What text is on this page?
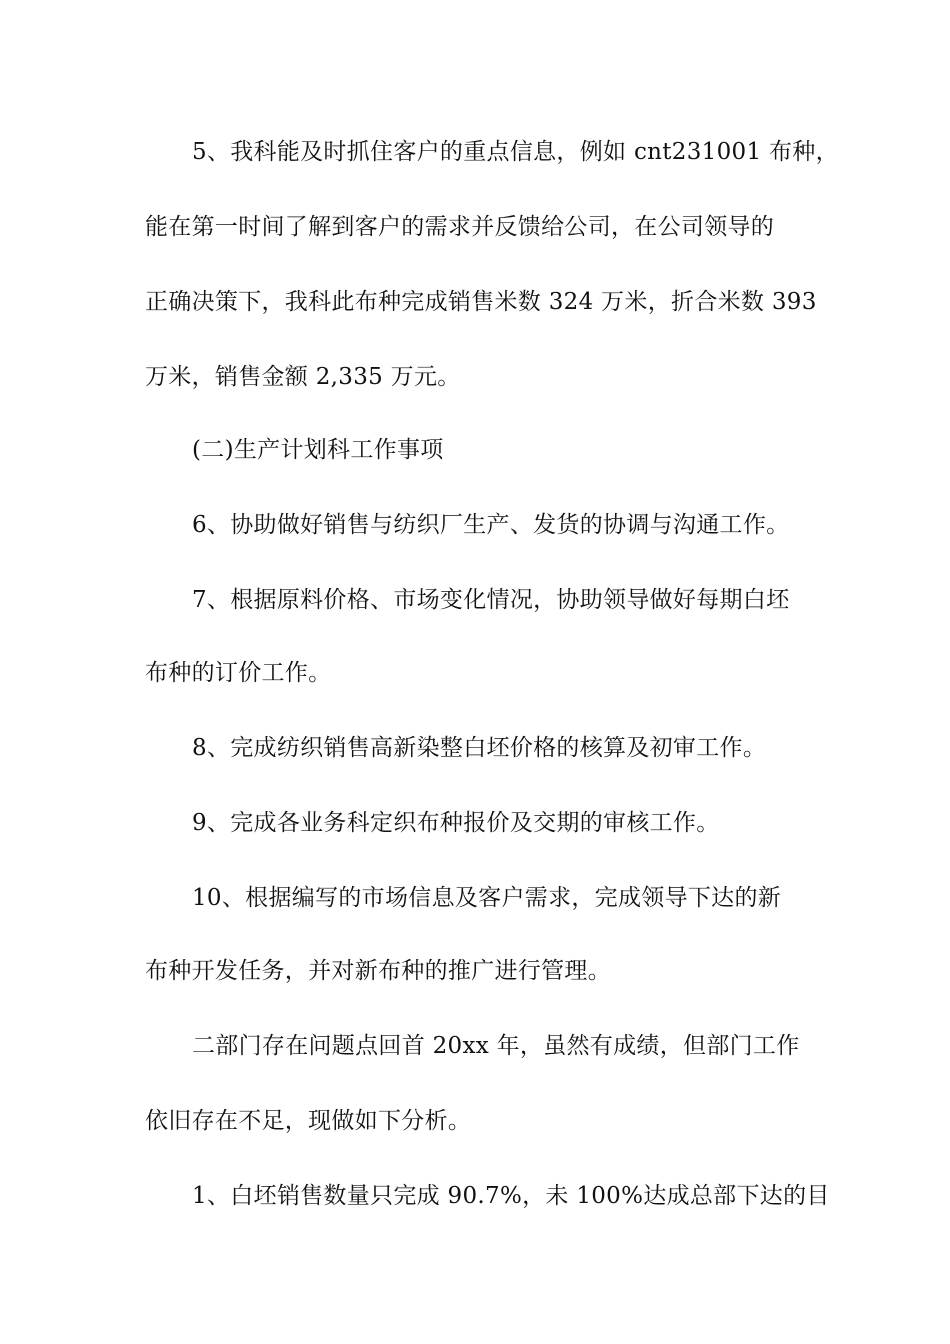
5、我科能及时抓住客户的重点信息，例如 cnt231001 布种，
能在第一时间了解到客户的需求并反馈给公司，在公司领导的
正确决策下，我科此布种完成销售米数 324 万米，折合米数 393
万米，销售金额 2,335 万元。
(二)生产计划科工作事项
6、协助做好销售与纺织厂生产、发货的协调与沟通工作。
7、根据原料价格、市场变化情况，协助领导做好每期白坯
布种的订价工作。
8、完成纺织销售高新染整白坯价格的核算及初审工作。
9、完成各业务科定织布种报价及交期的审核工作。
10、根据编写的市场信息及客户需求，完成领导下达的新
布种开发任务，并对新布种的推广进行管理。
二部门存在问题点回首 20xx 年，虽然有成绩，但部门工作
依旧存在不足，现做如下分析。
1、白坯销售数量只完成 90.7%，未 100%达成总部下达的目
